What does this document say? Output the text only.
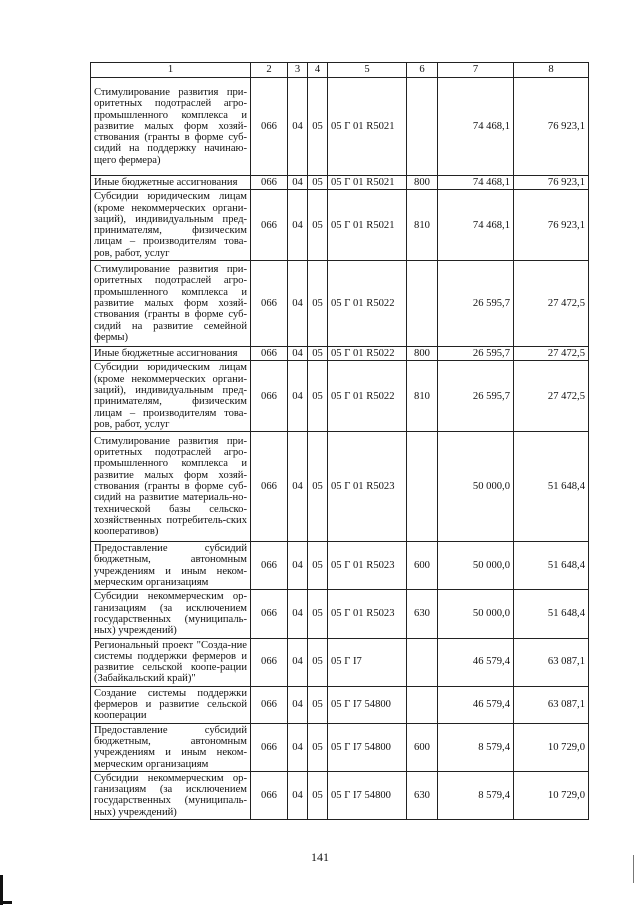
1	2	3	4	5	6	7	8
Стимулирование развития при-оритетных подотраслей агро-промышленного комплекса и развитие малых форм хозяй-ствования (гранты в форме суб-сидий на поддержку начинаю-щего фермера)	066	04	05	05 Г 01 R5021		74 468,1	76 923,1
Иные бюджетные ассигнования	066	04	05	05 Г 01 R5021	800	74 468,1	76 923,1
Субсидии юридическим лицам (кроме некоммерческих органи-заций), индивидуальным пред-принимателям, физическим лицам – производителям това-ров, работ, услуг	066	04	05	05 Г 01 R5021	810	74 468,1	76 923,1
Стимулирование развития при-оритетных подотраслей агро-промышленного комплекса и развитие малых форм хозяй-ствования (гранты в форме суб-сидий на развитие семейной фермы)	066	04	05	05 Г 01 R5022		26 595,7	27 472,5
Иные бюджетные ассигнования	066	04	05	05 Г 01 R5022	800	26 595,7	27 472,5
Субсидии юридическим лицам (кроме некоммерческих органи-заций), индивидуальным пред-принимателям, физическим лицам – производителям това-ров, работ, услуг	066	04	05	05 Г 01 R5022	810	26 595,7	27 472,5
Стимулирование развития при-оритетных подотраслей агро-промышленного комплекса и развитие малых форм хозяй-ствования (гранты в форме суб-сидий на развитие материаль-но-технической базы сельско-хозяйственных потребитель-ских кооперативов)	066	04	05	05 Г 01 R5023		50 000,0	51 648,4
Предоставление субсидий бюджетным, автономным учреждениям и иным неком-мерческим организациям	066	04	05	05 Г 01 R5023	600	50 000,0	51 648,4
Субсидии некоммерческим ор-ганизациям (за исключением государственных (муниципаль-ных) учреждений)	066	04	05	05 Г 01 R5023	630	50 000,0	51 648,4
Региональный проект "Созда-ние системы поддержки фермеров и развитие сельской коопе-рации (Забайкальский край)"	066	04	05	05 Г I7		46 579,4	63 087,1
Создание системы поддержки фермеров и развитие сельской кооперации	066	04	05	05 Г I7 54800		46 579,4	63 087,1
Предоставление субсидий бюджетным, автономным учреждениям и иным неком-мерческим организациям	066	04	05	05 Г I7 54800	600	8 579,4	10 729,0
Субсидии некоммерческим ор-ганизациям (за исключением государственных (муниципаль-ных) учреждений)	066	04	05	05 Г I7 54800	630	8 579,4	10 729,0
141
